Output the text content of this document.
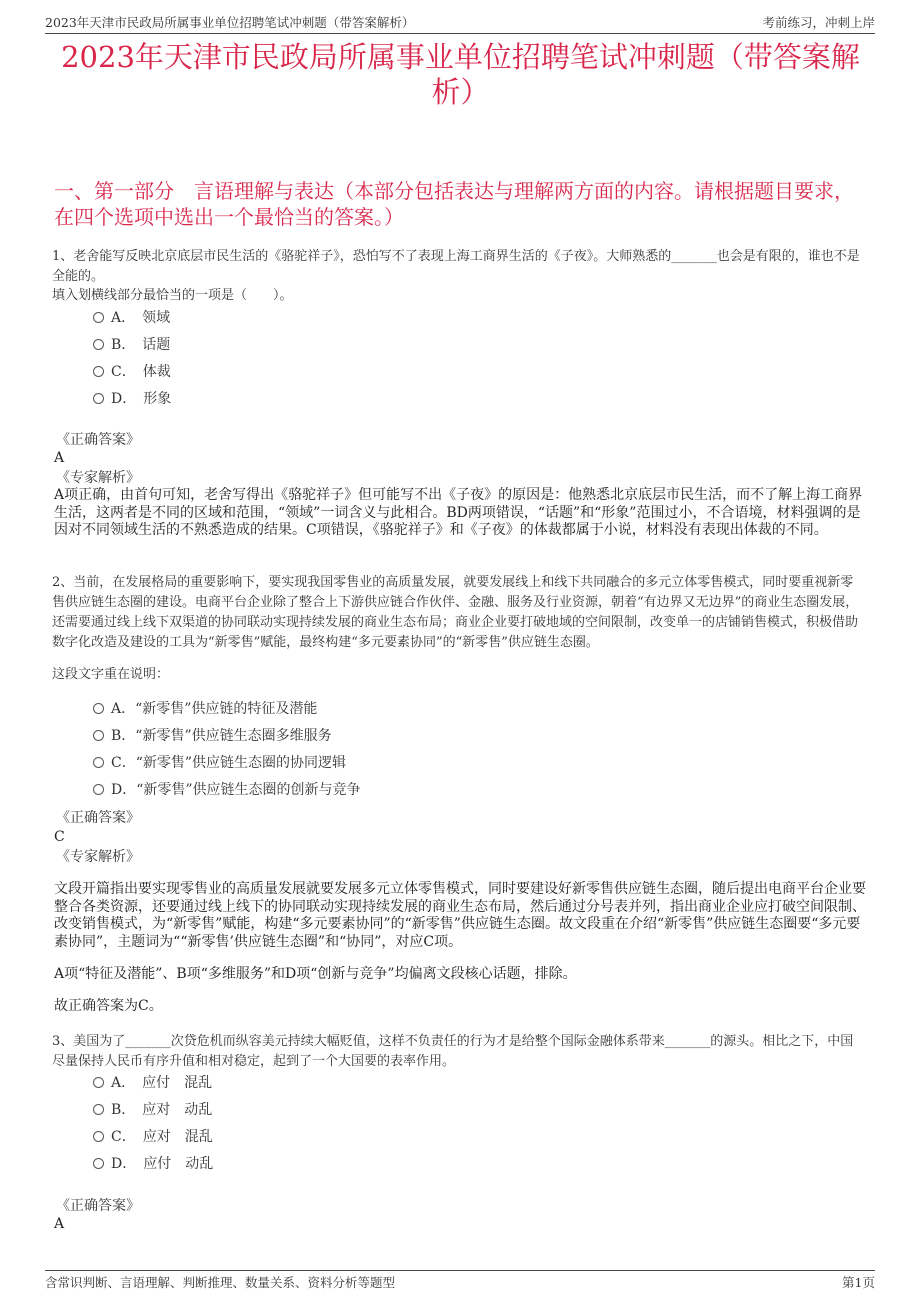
2023年天津市民政局所属事业单位招聘笔试冲刺题（带答案解析）	考前练习，冲刺上岸
2023年天津市民政局所属事业单位招聘笔试冲刺题（带答案解析）
一、第一部分　言语理解与表达（本部分包括表达与理解两方面的内容。请根据题目要求，在四个选项中选出一个最恰当的答案。）
1、老舍能写反映北京底层市民生活的《骆驼祥子》，恐怕写不了表现上海工商界生活的《子夜》。大师熟悉的_______也会是有限的，谁也不是全能的。
填入划横线部分最恰当的一项是（　　）。
A．　领域
B．　话题
C．　体裁
D．　形象
《正确答案》
A
《专家解析》
A项正确，由首句可知，老舍写得出《骆驼祥子》但可能写不出《子夜》的原因是：他熟悉北京底层市民生活，而不了解上海工商界生活，这两者是不同的区域和范围，“领域”一词含义与此相合。BD两项错误，“话题”和“形象”范围过小，不合语境，材料强调的是因对不同领域生活的不熟悉造成的结果。C项错误，《骆驼祥子》和《子夜》的体裁都属于小说，材料没有表现出体裁的不同。
2、当前，在发展格局的重要影响下，要实现我国零售业的高质量发展，就要发展线上和线下共同融合的多元立体零售模式，同时要重视新零售供应链生态圈的建设。电商平台企业除了整合上下游供应链合作伙伴、金融、服务及行业资源，朝着“有边界又无边界”的商业生态圈发展，还需要通过线上线下双渠道的协同联动实现持续发展的商业生态布局；商业企业要打破地域的空间限制，改变单一的店铺销售模式，积极借助数字化改造及建设的工具为“新零售”赋能，最终构建“多元要素协同”的“新零售”供应链生态圈。
这段文字重在说明：
A．“新零售”供应链的特征及潜能
B．“新零售”供应链生态圈多维服务
C．“新零售”供应链生态圈的协同逻辑
D．“新零售”供应链生态圈的创新与竞争
《正确答案》
C
《专家解析》
文段开篇指出要实现零售业的高质量发展就要发展多元立体零售模式，同时要建设好新零售供应链生态圈，随后提出电商平台企业要整合各类资源，还要通过线上线下的协同联动实现持续发展的商业生态布局，然后通过分号表并列，指出商业企业应打破空间限制、改变销售模式，为“新零售”赋能，构建“多元要素协同”的“新零售”供应链生态圈。故文段重在介绍“新零售”供应链生态圈要“多元要素协同”，主题词为““新零售’供应链生态圈”和“协同”，对应C项。
A项“特征及潜能”、B项“多维服务”和D项“创新与竞争”均偏离文段核心话题，排除。
故正确答案为C。
3、美国为了_______次贷危机而纵容美元持续大幅贬值，这样不负责任的行为才是给整个国际金融体系带来_______的源头。相比之下，中国尽量保持人民币有序升值和相对稳定，起到了一个大国要的表率作用。
A．　应付　混乱
B．　应对　动乱
C．　应对　混乱
D．　应付　动乱
《正确答案》
A
含常识判断、言语理解、判断推理、数量关系、资料分析等题型	第1页
